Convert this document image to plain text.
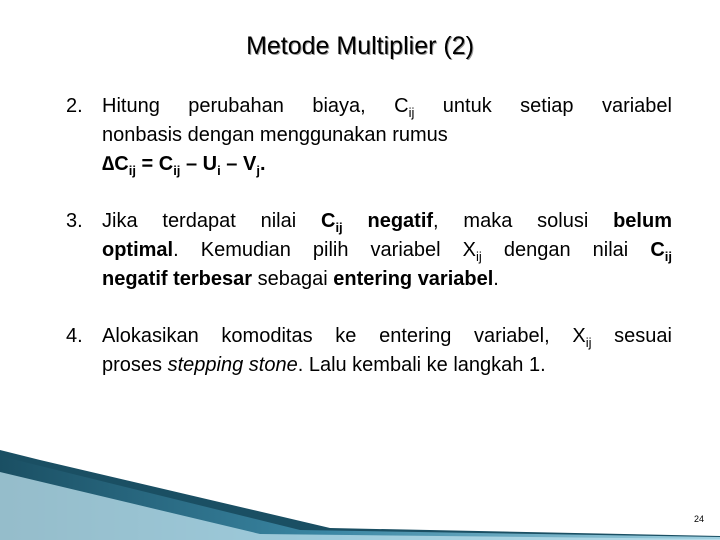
Metode Multiplier (2)
2. Hitung perubahan biaya, $C_{ij}$ untuk setiap variabel
nonbasis dengan menggunakan rumus
$\Delta C_{ij} = C_{ij} - U_i - V_j$.
3. Jika terdapat nilai $C_{ij}$ negatif, maka solusi belum
optimal. Kemudian pilih variabel $X_{ij}$ dengan nilai $C_{ij}$
negatif terbesar sebagai entering variabel.
4. Alokasikan komoditas ke entering variabel, $X_{ij}$ sesuai
proses stepping stone. Lalu kembali ke langkah 1.
24
